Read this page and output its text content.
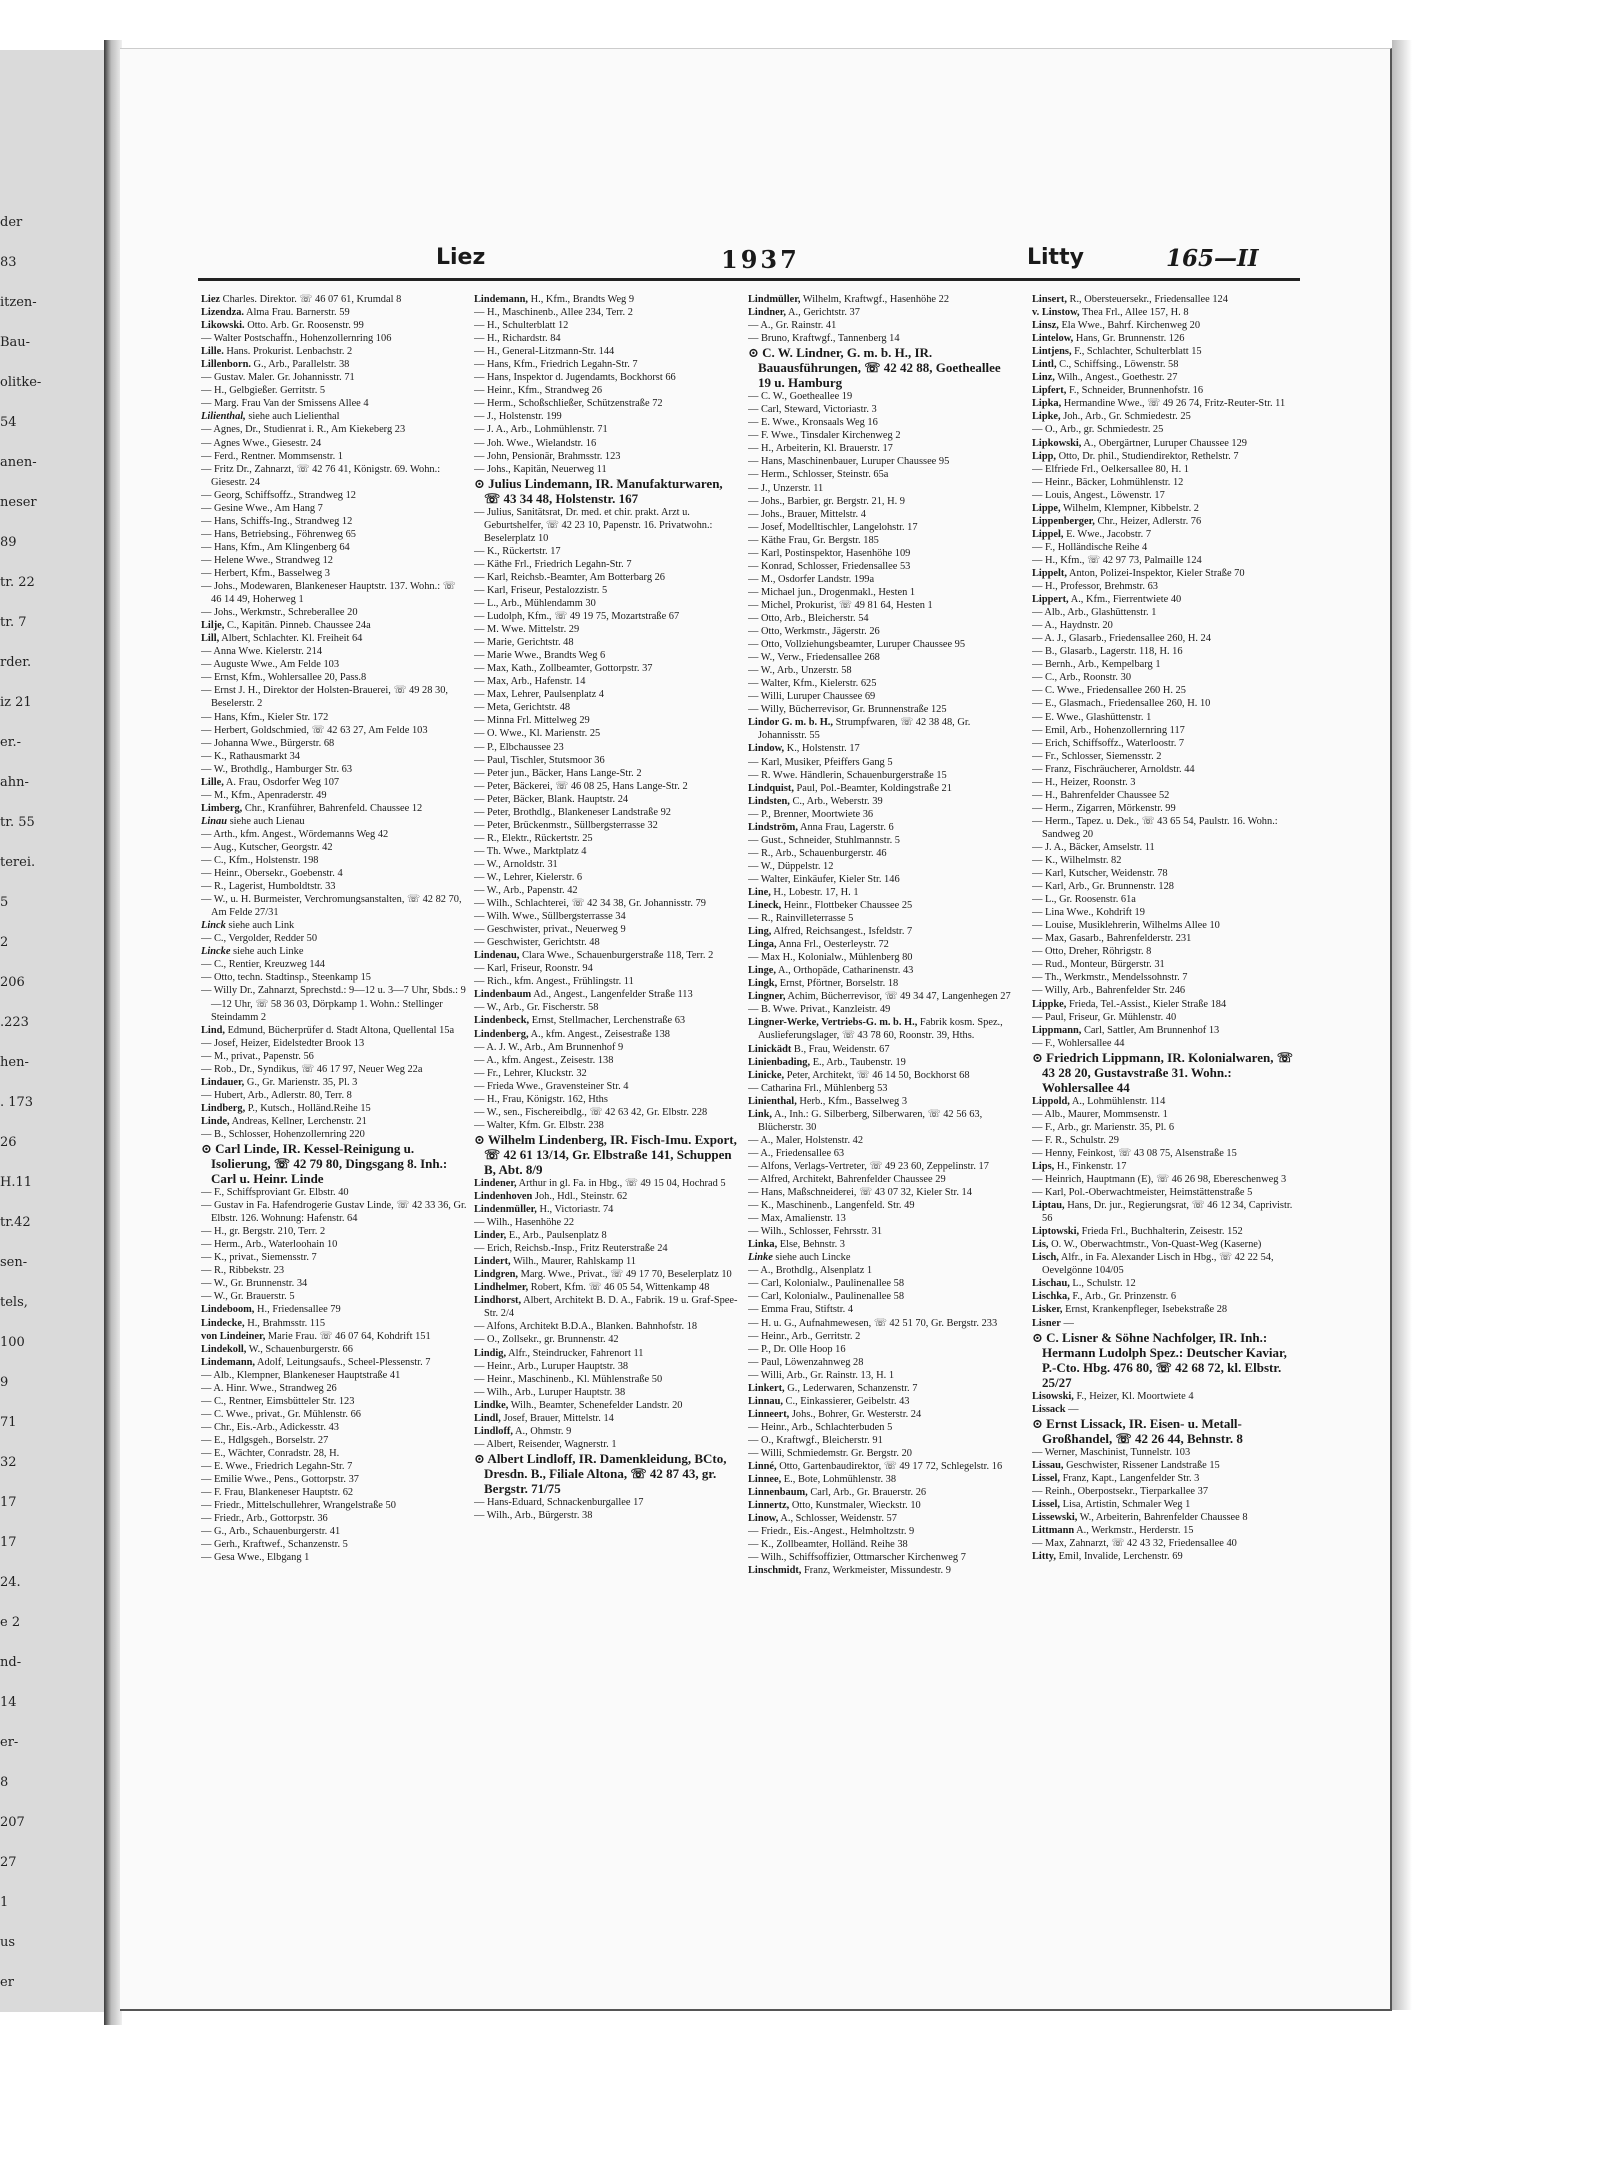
der
83
itzen-
Bau-
olitke-
54
anen-
neser
89
tr. 22
tr. 7
rder.
iz 21
er.-
ahn-
tr. 55
terei.
5
2
206
.223
hen-
. 173
26
H.11
tr.42
sen-
tels,
100
9
71
32
17
17
24.
e 2
nd-
14
er-
8
207
27
1
us
er
Liez	1937	Litty	165—II
Liez Charles. Direktor. ☏ 46 07 61, Krumdal 8
Lizendza. Alma Frau. Barnerstr. 59
Likowski. Otto. Arb. Gr. Roosenstr. 99
— Walter Postschaffn., Hohenzollernring 106
Lille. Hans. Prokurist. Lenbachstr. 2
Lillenborn. G., Arb., Parallelstr. 38
— Gustav. Maler. Gr. Johannisstr. 71
— H., Gelbgießer. Gerritstr. 5
— Marg. Frau Van der Smissens Allee 4
Lilienthal, siehe auch Lielienthal
— Agnes, Dr., Studienrat i. R., Am Kiekeberg 23
— Agnes Wwe., Giesestr. 24
— Ferd., Rentner. Mommsenstr. 1
— Fritz Dr., Zahnarzt, ☏ 42 76 41, Königstr. 69. Wohn.: Giesestr. 24
— Georg, Schiffsoffz., Strandweg 12
— Gesine Wwe., Am Hang 7
— Hans, Schiffs-Ing., Strandweg 12
— Hans, Betriebsing., Föhrenweg 65
— Hans, Kfm., Am Klingenberg 64
— Helene Wwe., Strandweg 12
— Herbert, Kfm., Basselweg 3
— Johs., Modewaren, Blankeneser Hauptstr. 137. Wohn.: ☏ 46 14 49, Hoherweg 1
— Johs., Werkmstr., Schreberallee 20
Lilje, C., Kapitän. Pinneb. Chaussee 24a
Lill, Albert, Schlachter. Kl. Freiheit 64
— Anna Wwe. Kielerstr. 214
— Auguste Wwe., Am Felde 103
— Ernst, Kfm., Wohlersallee 20, Pass.8
— Ernst J. H., Direktor der Holsten-Brauerei, ☏ 49 28 30, Beselerstr. 2
— Hans, Kfm., Kieler Str. 172
— Herbert, Goldschmied, ☏ 42 63 27, Am Felde 103
— Johanna Wwe., Bürgerstr. 68
— K., Rathausmarkt 34
— W., Brothdlg., Hamburger Str. 63
Lille, A. Frau, Osdorfer Weg 107
— M., Kfm., Apenraderstr. 49
Limberg, Chr., Kranführer, Bahrenfeld. Chaussee 12
Linau siehe auch Lienau
— Arth., kfm. Angest., Wördemanns Weg 42
— Aug., Kutscher, Georgstr. 42
— C., Kfm., Holstenstr. 198
— Heinr., Obersekr., Goebenstr. 4
— R., Lagerist, Humboldtstr. 33
— W., u. H. Burmeister, Verchromungsanstalten, ☏ 42 82 70, Am Felde 27/31
Linck siehe auch Link
— C., Vergolder, Redder 50
Lincke siehe auch Linke
— C., Rentier, Kreuzweg 144
— Otto, techn. Stadtinsp., Steenkamp 15
— Willy Dr., Zahnarzt, Sprechstd.: 9—12 u. 3—7 Uhr, Sbds.: 9—12 Uhr, ☏ 58 36 03, Dörpkamp 1. Wohn.: Stellinger Steindamm 2
Lind, Edmund, Bücherprüfer d. Stadt Altona, Quellental 15a
— Josef, Heizer, Eidelstedter Brook 13
— M., privat., Papenstr. 56
— Rob., Dr., Syndikus, ☏ 46 17 97, Neuer Weg 22a
Lindauer, G., Gr. Marienstr. 35, Pl. 3
— Hubert, Arb., Adlerstr. 80, Terr. 8
Lindberg, P., Kutsch., Holländ.Reihe 15
Linde, Andreas, Kellner, Lerchenstr. 21
— B., Schlosser, Hohenzollernring 220
⊙ Carl Linde, IR. Kessel-Reinigung u. Isolierung, ☏ 42 79 80, Dingsgang 8. Inh.: Carl u. Heinr. Linde
— F., Schiffsproviant Gr. Elbstr. 40
— Gustav in Fa. Hafendrogerie Gustav Linde, ☏ 42 33 36, Gr. Elbstr. 126. Wohnung: Hafenstr. 64
— H., gr. Bergstr. 210, Terr. 2
— Herm., Arb., Waterloohain 10
— K., privat., Siemensstr. 7
— R., Ribbekstr. 23
— W., Gr. Brunnenstr. 34
— W., Gr. Brauerstr. 5
Lindeboom, H., Friedensallee 79
Lindecke, H., Brahmsstr. 115
von Lindeiner, Marie Frau. ☏ 46 07 64, Kohdrift 151
Lindekoll, W., Schauenburgerstr. 66
Lindemann, Adolf, Leitungsaufs., Scheel-Plessenstr. 7
— Alb., Klempner, Blankeneser Hauptstraße 41
— A. Hinr. Wwe., Strandweg 26
— C., Rentner, Eimsbütteler Str. 123
— C. Wwe., privat., Gr. Mühlenstr. 66
— Chr., Eis.-Arb., Adickesstr. 43
— E., Hdlgsgeh., Borselstr. 27
— E., Wächter, Conradstr. 28, H.
— E. Wwe., Friedrich Legahn-Str. 7
— Emilie Wwe., Pens., Gottorpstr. 37
— F. Frau, Blankeneser Hauptstr. 62
— Friedr., Mittelschullehrer, Wrangelstraße 50
— Friedr., Arb., Gottorpstr. 36
— G., Arb., Schauenburgerstr. 41
— Gerh., Kraftwef., Schanzenstr. 5
— Gesa Wwe., Elbgang 1
Lindemann, H., Kfm., Brandts Weg 9
— H., Maschinenb., Allee 234, Terr. 2
— H., Schulterblatt 12
— H., Richardstr. 84
— H., General-Litzmann-Str. 144
— Hans, Kfm., Friedrich Legahn-Str. 7
— Hans, Inspektor d. Jugendamts, Bockhorst 66
— Heinr., Kfm., Strandweg 26
— Herm., Schoßschließer, Schützenstraße 72
— J., Holstenstr. 199
— J. A., Arb., Lohmühlenstr. 71
— Joh. Wwe., Wielandstr. 16
— John, Pensionär, Brahmsstr. 123
— Johs., Kapitän, Neuerweg 11
⊙ Julius Lindemann, IR. Manufakturwaren, ☏ 43 34 48, Holstenstr. 167
— Julius, Sanitätsrat, Dr. med. et chir. prakt. Arzt u. Geburtshelfer, ☏ 42 23 10, Papenstr. 16. Privatwohn.: Beselerplatz 10
— K., Rückertstr. 17
— Käthe Frl., Friedrich Legahn-Str. 7
— Karl, Reichsb.-Beamter, Am Botterbarg 26
— Karl, Friseur, Pestalozzistr. 5
— L., Arb., Mühlendamm 30
— Ludolph, Kfm., ☏ 49 19 75, Mozartstraße 67
— M. Wwe. Mittelstr. 29
— Marie, Gerichtstr. 48
— Marie Wwe., Brandts Weg 6
— Max, Kath., Zollbeamter, Gottorpstr. 37
— Max, Arb., Hafenstr. 14
— Max, Lehrer, Paulsenplatz 4
— Meta, Gerichtstr. 48
— Minna Frl. Mittelweg 29
— O. Wwe., Kl. Marienstr. 25
— P., Elbchaussee 23
— Paul, Tischler, Stutsmoor 36
— Peter jun., Bäcker, Hans Lange-Str. 2
— Peter, Bäckerei, ☏ 46 08 25, Hans Lange-Str. 2
— Peter, Bäcker, Blank. Hauptstr. 24
— Peter, Brothdlg., Blankeneser Landstraße 92
— Peter, Brückenmstr., Süllbergsterrasse 32
— R., Elektr., Rückertstr. 25
— Th. Wwe., Marktplatz 4
— W., Arnoldstr. 31
— W., Lehrer, Kielerstr. 6
— W., Arb., Papenstr. 42
— Wilh., Schlachterei, ☏ 42 34 38, Gr. Johannisstr. 79
— Wilh. Wwe., Süllbergsterrasse 34
— Geschwister, privat., Neuerweg 9
— Geschwister, Gerichtstr. 48
Lindenau, Clara Wwe., Schauenburgerstraße 118, Terr. 2
— Karl, Friseur, Roonstr. 94
— Rich., kfm. Angest., Frühlingstr. 11
Lindenbaum Ad., Angest., Langenfelder Straße 113
— W., Arb., Gr. Fischerstr. 58
Lindenbeck, Ernst, Stellmacher, Lerchenstraße 63
Lindenberg, A., kfm. Angest., Zeisestraße 138
— A. J. W., Arb., Am Brunnenhof 9
— A., kfm. Angest., Zeisestr. 138
— Fr., Lehrer, Kluckstr. 32
— Frieda Wwe., Gravensteiner Str. 4
— H., Frau, Königstr. 162, Hths
— W., sen., Fischereibdlg., ☏ 42 63 42, Gr. Elbstr. 228
— Walter, Kfm. Gr. Elbstr. 238
⊙ Wilhelm Lindenberg, IR. Fisch-Imu. Export, ☏ 42 61 13/14, Gr. Elbstraße 141, Schuppen B, Abt. 8/9
Lindener, Arthur in gl. Fa. in Hbg., ☏ 49 15 04, Hochrad 5
Lindenhoven Joh., Hdl., Steinstr. 62
Lindenmüller, H., Victoriastr. 74
— Wilh., Hasenhöhe 22
Linder, E., Arb., Paulsenplatz 8
— Erich, Reichsb.-Insp., Fritz Reuterstraße 24
Lindert, Wilh., Maurer, Rahlskamp 11
Lindgren, Marg. Wwe., Privat., ☏ 49 17 70, Beselerplatz 10
Lindhelmer, Robert, Kfm. ☏ 46 05 54, Wittenkamp 48
Lindhorst, Albert, Architekt B. D. A., Fabrik. 19 u. Graf-Spee-Str. 2/4
— Alfons, Architekt B.D.A., Blanken. Bahnhofstr. 18
— O., Zollsekr., gr. Brunnenstr. 42
Lindig, Alfr., Steindrucker, Fahrenort 11
— Heinr., Arb., Luruper Hauptstr. 38
— Heinr., Maschinenb., Kl. Mühlenstraße 50
— Wilh., Arb., Luruper Hauptstr. 38
Lindke, Wilh., Beamter, Schenefelder Landstr. 20
Lindl, Josef, Brauer, Mittelstr. 14
Lindloff, A., Ohmstr. 9
— Albert, Reisender, Wagnerstr. 1
⊙ Albert Lindloff, IR. Damenkleidung, BCto, Dresdn. B., Filiale Altona, ☏ 42 87 43, gr. Bergstr. 71/75
— Hans-Eduard, Schnackenburgallee 17
— Wilh., Arb., Bürgerstr. 38
Lindmüller, Wilhelm, Kraftwgf., Hasenhöhe 22
Lindner, A., Gerichtstr. 37
— A., Gr. Rainstr. 41
— Bruno, Kraftwgf., Tannenberg 14
⊙ C. W. Lindner, G. m. b. H., IR. Bauausführungen, ☏ 42 42 88, Goetheallee 19 u. Hamburg
— C. W., Goetheallee 19
— Carl, Steward, Victoriastr. 3
— E. Wwe., Kronsaals Weg 16
— F. Wwe., Tinsdaler Kirchenweg 2
— H., Arbeiterin, Kl. Brauerstr. 17
— Hans, Maschinenbauer, Luruper Chaussee 95
— Herm., Schlosser, Steinstr. 65a
— J., Unzerstr. 11
— Johs., Barbier, gr. Bergstr. 21, H. 9
— Johs., Brauer, Mittelstr. 4
— Josef, Modelltischler, Langelohstr. 17
— Käthe Frau, Gr. Bergstr. 185
— Karl, Postinspektor, Hasenhöhe 109
— Konrad, Schlosser, Friedensallee 53
— M., Osdorfer Landstr. 199a
— Michael jun., Drogenmakl., Hesten 1
— Michel, Prokurist, ☏ 49 81 64, Hesten 1
— Otto, Arb., Bleicherstr. 54
— Otto, Werkmstr., Jägerstr. 26
— Otto, Vollziehungsbeamter, Luruper Chaussee 95
— W., Verw., Friedensallee 268
— W., Arb., Unzerstr. 58
— Walter, Kfm., Kielerstr. 625
— Willi, Luruper Chaussee 69
— Willy, Bücherrevisor, Gr. Brunnenstraße 125
Lindor G. m. b. H., Strumpfwaren, ☏ 42 38 48, Gr. Johannisstr. 55
Lindow, K., Holstenstr. 17
— Karl, Musiker, Pfeiffers Gang 5
— R. Wwe. Händlerin, Schauenburgerstraße 15
Lindquist, Paul, Pol.-Beamter, Koldingstraße 21
Lindsten, C., Arb., Weberstr. 39
— P., Brenner, Moortwiete 36
Lindström, Anna Frau, Lagerstr. 6
— Gust., Schneider, Stuhlmannstr. 5
— R., Arb., Schauenburgerstr. 46
— W., Düppelstr. 12
— Walter, Einkäufer, Kieler Str. 146
Line, H., Lobestr. 17, H. 1
Lineck, Heinr., Flottbeker Chaussee 25
— R., Rainvilleterrasse 5
Ling, Alfred, Reichsangest., Isfeldstr. 7
Linga, Anna Frl., Oesterleystr. 72
— Max H., Kolonialw., Mühlenberg 80
Linge, A., Orthopäde, Catharinenstr. 43
Lingk, Ernst, Pförtner, Borselstr. 18
Lingner, Achim, Bücherrevisor, ☏ 49 34 47, Langenhegen 27
— B. Wwe. Privat., Kanzleistr. 49
Lingner-Werke, Vertriebs-G. m. b. H., Fabrik kosm. Spez., Auslieferungslager, ☏ 43 78 60, Roonstr. 39, Hths.
Linickädt B., Frau, Weidenstr. 67
Linienbading, E., Arb., Taubenstr. 19
Linicke, Peter, Architekt, ☏ 46 14 50, Bockhorst 68
— Catharina Frl., Mühlenberg 53
Linienthal, Herb., Kfm., Basselweg 3
Link, A., Inh.: G. Silberberg, Silberwaren, ☏ 42 56 63, Blücherstr. 30
— A., Maler, Holstenstr. 42
— A., Friedensallee 63
— Alfons, Verlags-Vertreter, ☏ 49 23 60, Zeppelinstr. 17
— Alfred, Architekt, Bahrenfelder Chaussee 29
— Hans, Maßschneiderei, ☏ 43 07 32, Kieler Str. 14
— K., Maschinenb., Langenfeld. Str. 49
— Max, Amalienstr. 13
— Wilh., Schlosser, Fehrsstr. 31
Linka, Else, Behnstr. 3
Linke siehe auch Lincke
— A., Brothdlg., Alsenplatz 1
— Carl, Kolonialw., Paulinenallee 58
— Carl, Kolonialw., Paulinenallee 58
— Emma Frau, Stiftstr. 4
— H. u. G., Aufnahmewesen, ☏ 42 51 70, Gr. Bergstr. 233
— Heinr., Arb., Gerritstr. 2
— P., Dr. Olle Hoop 16
— Paul, Löwenzahnweg 28
— Willi, Arb., Gr. Rainstr. 13, H. 1
Linkert, G., Lederwaren, Schanzenstr. 7
Linnau, C., Einkassierer, Geibelstr. 43
Linneert, Johs., Bohrer, Gr. Westerstr. 24
— Heinr., Arb., Schlachterbuden 5
— O., Kraftwgf., Bleicherstr. 91
— Willi, Schmiedemstr. Gr. Bergstr. 20
Linné, Otto, Gartenbaudirektor, ☏ 49 17 72, Schlegelstr. 16
Linnee, E., Bote, Lohmühlenstr. 38
Linnenbaum, Carl, Arb., Gr. Brauerstr. 26
Linnertz, Otto, Kunstmaler, Wieckstr. 10
Linow, A., Schlosser, Weidenstr. 57
— Friedr., Eis.-Angest., Helmholtzstr. 9
— K., Zollbeamter, Holländ. Reihe 38
— Wilh., Schiffsoffizier, Ottmarscher Kirchenweg 7
Linschmidt, Franz, Werkmeister, Missundestr. 9
Linsert, R., Obersteuersekr., Friedensallee 124
v. Linstow, Thea Frl., Allee 157, H. 8
Linsz, Ela Wwe., Bahrf. Kirchenweg 20
Lintelow, Hans, Gr. Brunnenstr. 126
Lintjens, F., Schlachter, Schulterblatt 15
Lintl, C., Schiffsing., Löwenstr. 58
Linz, Wilh., Angest., Goethestr. 27
Lipfert, F., Schneider, Brunnenhofstr. 16
Lipka, Hermandine Wwe., ☏ 49 26 74, Fritz-Reuter-Str. 11
Lipke, Joh., Arb., Gr. Schmiedestr. 25
— O., Arb., gr. Schmiedestr. 25
Lipkowski, A., Obergärtner, Luruper Chaussee 129
Lipp, Otto, Dr. phil., Studiendirektor, Rethelstr. 7
— Elfriede Frl., Oelkersallee 80, H. 1
— Heinr., Bäcker, Lohmühlenstr. 12
— Louis, Angest., Löwenstr. 17
Lippe, Wilhelm, Klempner, Kibbelstr. 2
Lippenberger, Chr., Heizer, Adlerstr. 76
Lippel, E. Wwe., Jacobstr. 7
— F., Holländische Reihe 4
— H., Kfm., ☏ 42 97 73, Palmaille 124
Lippelt, Anton, Polizei-Inspektor, Kieler Straße 70
— H., Professor, Brehmstr. 63
Lippert, A., Kfm., Fierrentwiete 40
— Alb., Arb., Glashüttenstr. 1
— A., Haydnstr. 20
— A. J., Glasarb., Friedensallee 260, H. 24
— B., Glasarb., Lagerstr. 118, H. 16
— Bernh., Arb., Kempelbarg 1
— C., Arb., Roonstr. 30
— C. Wwe., Friedensallee 260 H. 25
— E., Glasmach., Friedensallee 260, H. 10
— E. Wwe., Glashüttenstr. 1
— Emil, Arb., Hohenzollernring 117
— Erich, Schiffsoffz., Waterloostr. 7
— Fr., Schlosser, Siemensstr. 2
— Franz, Fischräucherer, Arnoldstr. 44
— H., Heizer, Roonstr. 3
— H., Bahrenfelder Chaussee 52
— Herm., Zigarren, Mörkenstr. 99
— Herm., Tapez. u. Dek., ☏ 43 65 54, Paulstr. 16. Wohn.: Sandweg 20
— J. A., Bäcker, Amselstr. 11
— K., Wilhelmstr. 82
— Karl, Kutscher, Weidenstr. 78
— Karl, Arb., Gr. Brunnenstr. 128
— L., Gr. Roosenstr. 61a
— Lina Wwe., Kohdrift 19
— Louise, Musiklehrerin, Wilhelms Allee 10
— Max, Gasarb., Bahrenfelderstr. 231
— Otto, Dreher, Röhrigstr. 8
— Rud., Monteur, Bürgerstr. 31
— Th., Werkmstr., Mendelssohnstr. 7
— Willy, Arb., Bahrenfelder Str. 246
Lippke, Frieda, Tel.-Assist., Kieler Straße 184
— Paul, Friseur, Gr. Mühlenstr. 40
Lippmann, Carl, Sattler, Am Brunnenhof 13
— F., Wohlersallee 44
⊙ Friedrich Lippmann, IR. Kolonialwaren, ☏ 43 28 20, Gustavstraße 31. Wohn.: Wohlersallee 44
Lippold, A., Lohmühlenstr. 114
— Alb., Maurer, Mommsenstr. 1
— F., Arb., gr. Marienstr. 35, Pl. 6
— F. R., Schulstr. 29
— Henny, Feinkost, ☏ 43 08 75, Alsenstraße 15
Lips, H., Finkenstr. 17
— Heinrich, Hauptmann (E), ☏ 46 26 98, Ebereschenweg 3
— Karl, Pol.-Oberwachtmeister, Heimstättenstraße 5
Liptau, Hans, Dr. jur., Regierungsrat, ☏ 46 12 34, Caprivistr. 56
Liptowski, Frieda Frl., Buchhalterin, Zeisestr. 152
Lis, O. W., Oberwachtmstr., Von-Quast-Weg (Kaserne)
Lisch, Alfr., in Fa. Alexander Lisch in Hbg., ☏ 42 22 54, Oevelgönne 104/05
Lischau, L., Schulstr. 12
Lischka, F., Arb., Gr. Prinzenstr. 6
Lisker, Ernst, Krankenpfleger, Isebekstraße 28
Lisner —
⊙ C. Lisner & Söhne Nachfolger, IR. Inh.: Hermann Ludolph Spez.: Deutscher Kaviar, P.-Cto. Hbg. 476 80, ☏ 42 68 72, kl. Elbstr. 25/27
Lisowski, F., Heizer, Kl. Moortwiete 4
Lissack —
⊙ Ernst Lissack, IR. Eisen- u. Metall-Großhandel, ☏ 42 26 44, Behnstr. 8
— Werner, Maschinist, Tunnelstr. 103
Lissau, Geschwister, Rissener Landstraße 15
Lissel, Franz, Kapt., Langenfelder Str. 3
— Reinh., Oberpostsekr., Tierparkallee 37
Lissel, Lisa, Artistin, Schmaler Weg 1
Lissewski, W., Arbeiterin, Bahrenfelder Chaussee 8
Littmann A., Werkmstr., Herderstr. 15
— Max, Zahnarzt, ☏ 42 43 32, Friedensallee 40
Litty, Emil, Invalide, Lerchenstr. 69
